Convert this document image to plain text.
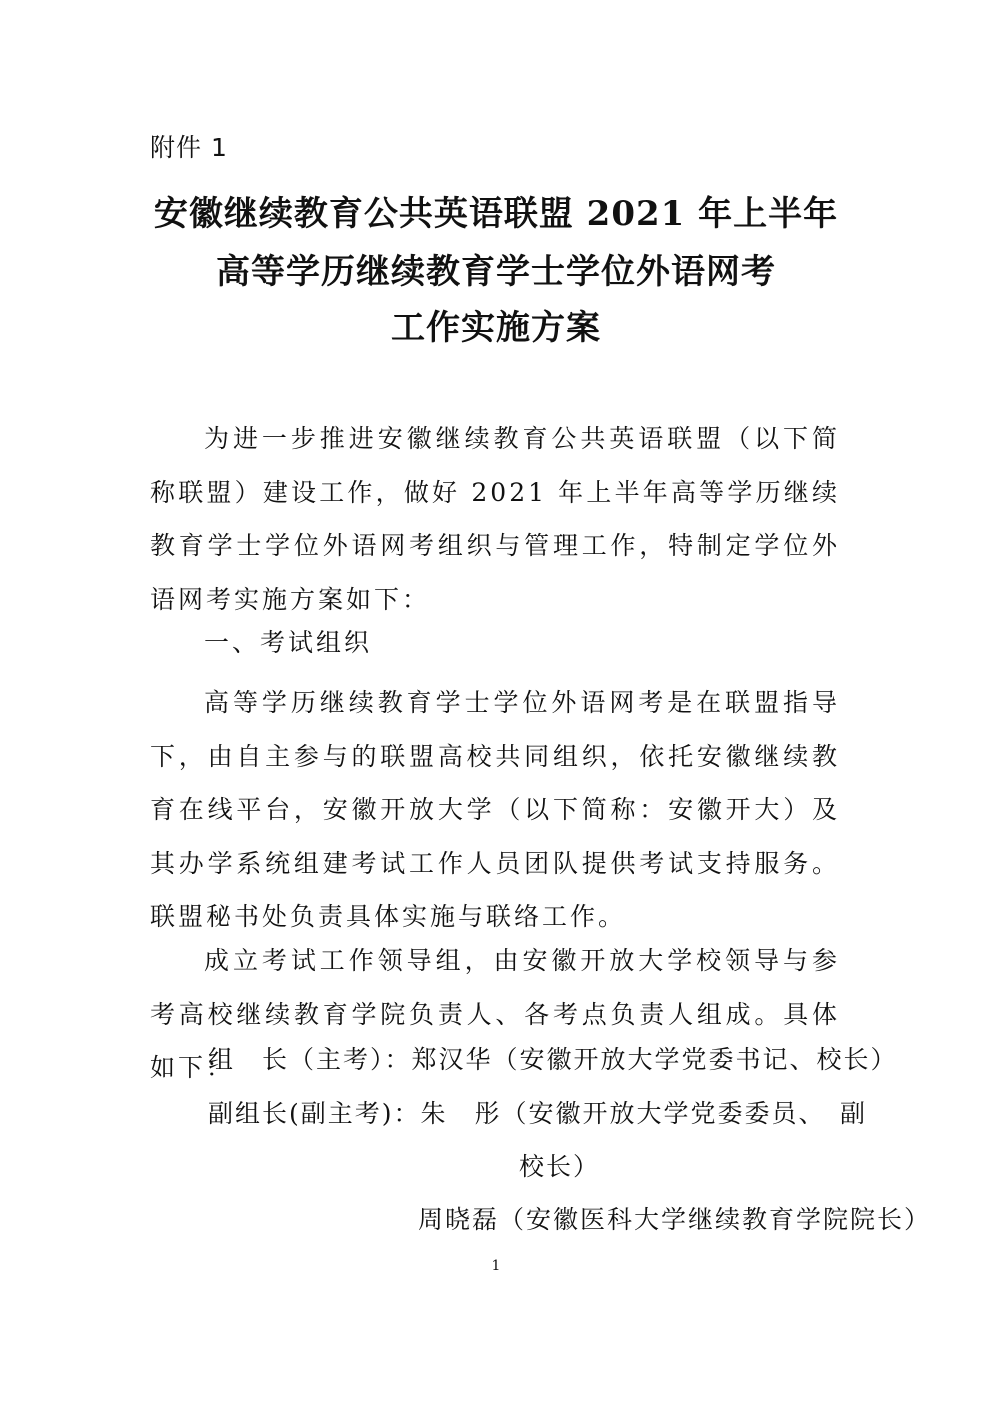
附件 1
安徽继续教育公共英语联盟 2021 年上半年
高等学历继续教育学士学位外语网考
工作实施方案

为进一步推进安徽继续教育公共英语联盟（以下简称联盟）建设工作，做好 2021 年上半年高等学历继续教育学士学位外语网考组织与管理工作，特制定学位外语网考实施方案如下：

一、考试组织

高等学历继续教育学士学位外语网考是在联盟指导下，由自主参与的联盟高校共同组织，依托安徽继续教育在线平台，安徽开放大学（以下简称：安徽开大）及其办学系统组建考试工作人员团队提供考试支持服务。联盟秘书处负责具体实施与联络工作。

成立考试工作领导组，由安徽开放大学校领导与参考高校继续教育学院负责人、各考点负责人组成。具体如下：

组　长（主考）：郑汉华（安徽开放大学党委书记、校长）
副组长(副主考)：朱　彤（安徽开放大学党委委员、　副
校长）
周晓磊（安徽医科大学继续教育学院院长）
1
